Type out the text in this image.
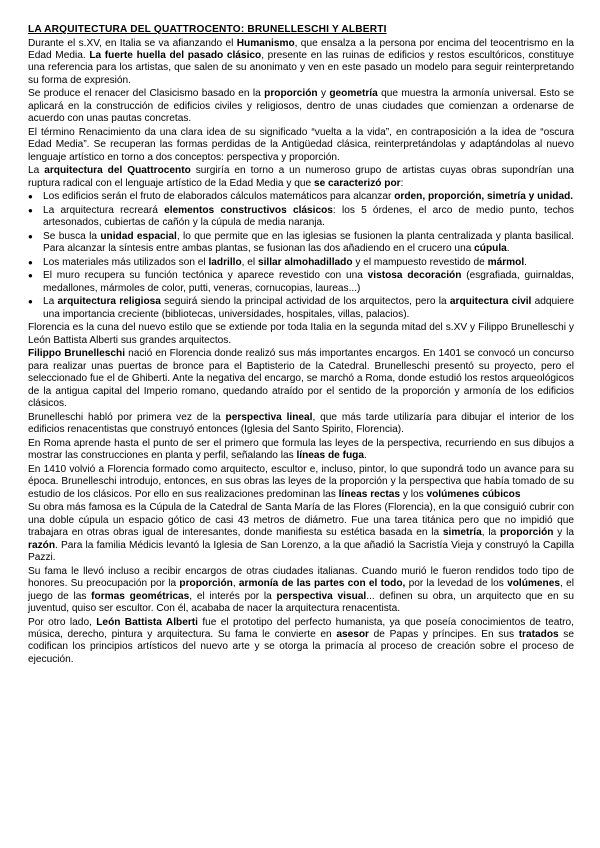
LA ARQUITECTURA DEL QUATTROCENTO: BRUNELLESCHI Y ALBERTI

Durante el s.XV, en Italia se va afianzando el Humanismo, que ensalza a la persona por encima del teocentrismo en la Edad Media. La fuerte huella del pasado clásico, presente en las ruinas de edificios y restos escultóricos, constituye una referencia para los artistas, que salen de su anonimato y ven en este pasado un modelo para seguir reinterpretando su forma de expresión.

Se produce el renacer del Clasicismo basado en la proporción y geometría que muestra la armonía universal. Esto se aplicará en la construcción de edificios civiles y religiosos, dentro de unas ciudades que comienzan a ordenarse de acuerdo con unas pautas concretas.

El término Renacimiento da una clara idea de su significado “vuelta a la vida”, en contraposición a la idea de “oscura Edad Media”. Se recuperan las formas perdidas de la Antigüedad clásica, reinterpretándolas y adaptándolas al nuevo lenguaje artístico en torno a dos conceptos: perspectiva y proporción.

La arquitectura del Quattrocento surgiría en torno a un numeroso grupo de artistas cuyas obras supondrían una ruptura radical con el lenguaje artístico de la Edad Media y que se caracterizó por:

● Los edificios serán el fruto de elaborados cálculos matemáticos para alcanzar orden, proporción, simetría y unidad.
● La arquitectura recreará elementos constructivos clásicos: los 5 órdenes, el arco de medio punto, techos artesonados, cubiertas de cañón y la cúpula de media naranja.
● Se busca la unidad espacial, lo que permite que en las iglesias se fusionen la planta centralizada y planta basilical. Para alcanzar la síntesis entre ambas plantas, se fusionan las dos añadiendo en el crucero una cúpula.
● Los materiales más utilizados son el ladrillo, el sillar almohadillado y el mampuesto revestido de mármol.
● El muro recupera su función tectónica y aparece revestido con una vistosa decoración (esgrafiada, guirnaldas, medallones, mármoles de color, putti, veneras, cornucopias, laureas...)
● La arquitectura religiosa seguirá siendo la principal actividad de los arquitectos, pero la arquitectura civil adquiere una importancia creciente (bibliotecas, universidades, hospitales, villas, palacios).

Florencia es la cuna del nuevo estilo que se extiende por toda Italia en la segunda mitad del s.XV y Filippo Brunelleschi y León Battista Alberti sus grandes arquitectos.

Filippo Brunelleschi nació en Florencia donde realizó sus más importantes encargos. En 1401 se convocó un concurso para realizar unas puertas de bronce para el Baptisterio de la Catedral. Brunelleschi presentó su proyecto, pero el seleccionado fue el de Ghiberti. Ante la negativa del encargo, se marchó a Roma, donde estudió los restos arqueológicos de la antigua capital del Imperio romano, quedando atraído por el sentido de la proporción y armonía de los edificios clásicos.

Brunelleschi habló por primera vez de la perspectiva lineal, que más tarde utilizaría para dibujar el interior de los edificios renacentistas que construyó entonces (Iglesia del Santo Spirito, Florencia).

En Roma aprende hasta el punto de ser el primero que formula las leyes de la perspectiva, recurriendo en sus dibujos a mostrar las construcciones en planta y perfil, señalando las líneas de fuga.

En 1410 volvió a Florencia formado como arquitecto, escultor e, incluso, pintor, lo que supondrá todo un avance para su época. Brunelleschi introdujo, entonces, en sus obras las leyes de la proporción y la perspectiva que había tomado de su estudio de los clásicos. Por ello en sus realizaciones predominan las líneas rectas y los volúmenes cúbicos

Su obra más famosa es la Cúpula de la Catedral de Santa María de las Flores (Florencia), en la que consiguió cubrir con una doble cúpula un espacio gótico de casi 43 metros de diámetro. Fue una tarea titánica pero que no impidió que trabajara en otras obras igual de interesantes, donde manifiesta su estética basada en la simetría, la proporción y la razón. Para la familia Médicis levantó la Iglesia de San Lorenzo, a la que añadió la Sacristía Vieja y construyó la Capilla Pazzi.

Su fama le llevó incluso a recibir encargos de otras ciudades italianas. Cuando murió le fueron rendidos todo tipo de honores. Su preocupación por la proporción, armonía de las partes con el todo, por la levedad de los volúmenes, el juego de las formas geométricas, el interés por la perspectiva visual... definen su obra, un arquitecto que en su juventud, quiso ser escultor. Con él, acababa de nacer la arquitectura renacentista.

Por otro lado, León Battista Alberti fue el prototipo del perfecto humanista, ya que poseía conocimientos de teatro, música, derecho, pintura y arquitectura. Su fama le convierte en asesor de Papas y príncipes. En sus tratados se codifican los principios artísticos del nuevo arte y se otorga la primacía al proceso de creación sobre el proceso de ejecución.
